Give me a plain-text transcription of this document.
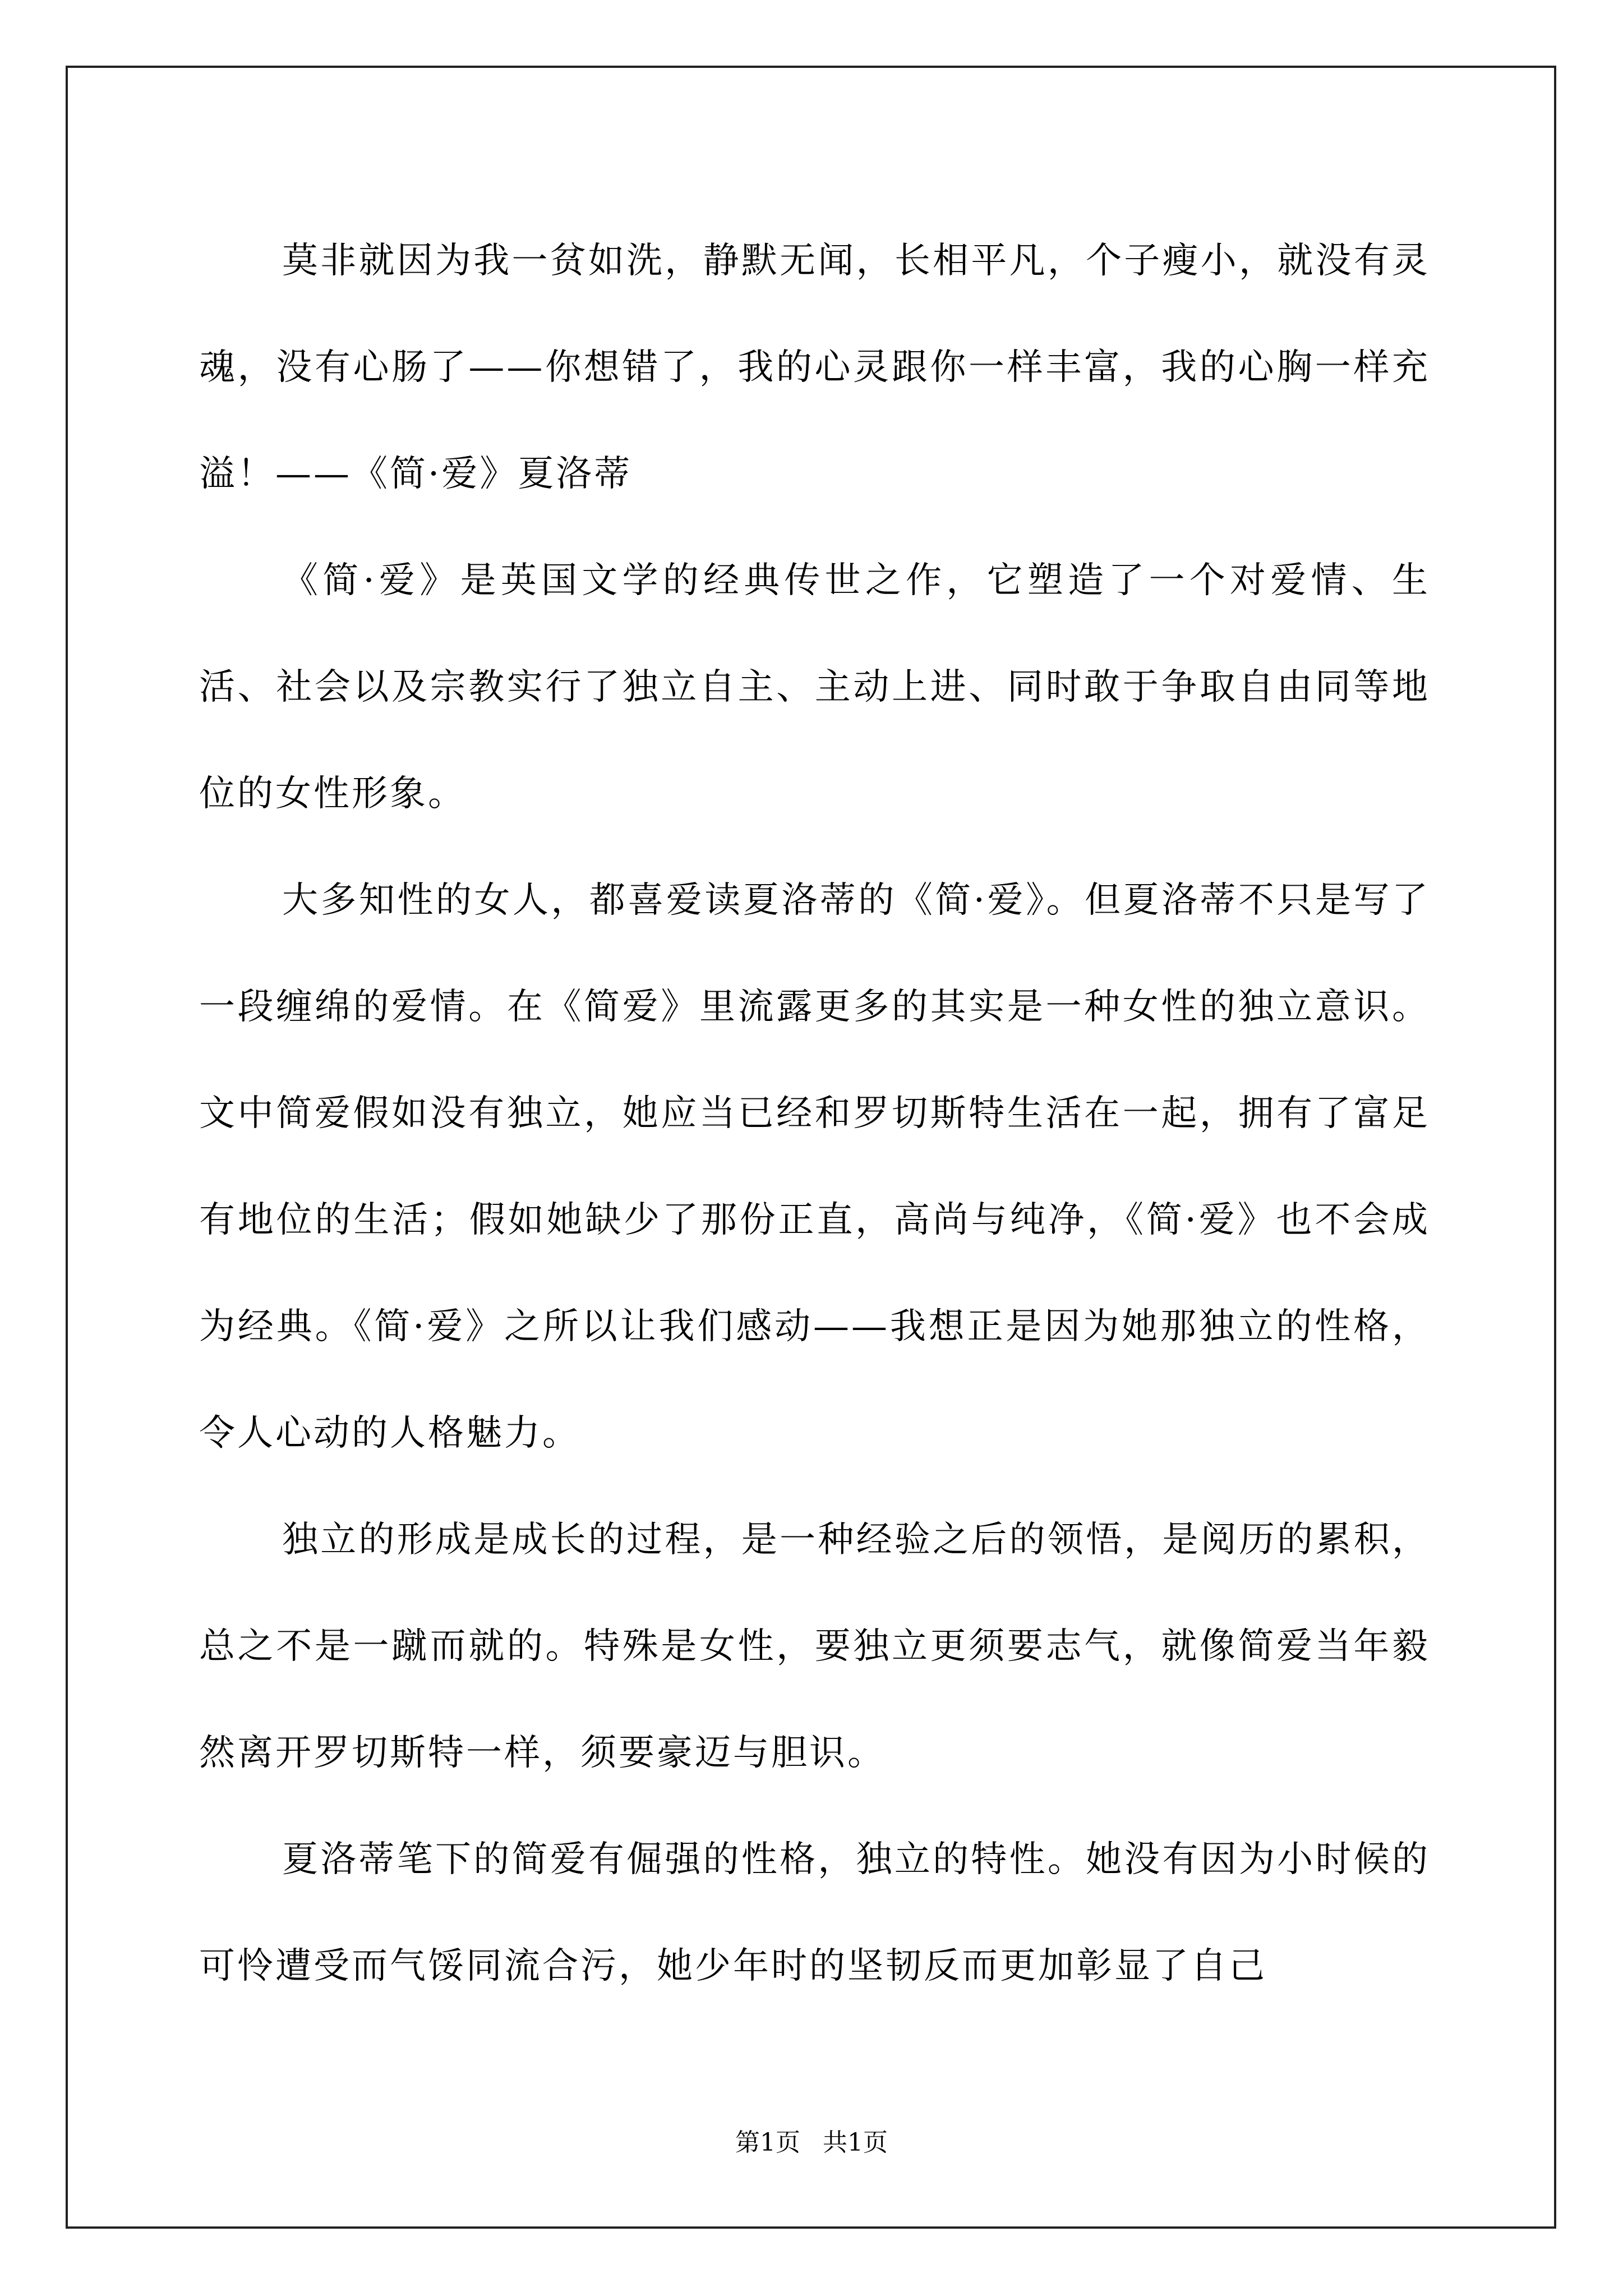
莫非就因为我一贫如洗，静默无闻，长相平凡，个子瘦小，就没有灵魂，没有心肠了——你想错了，我的心灵跟你一样丰富，我的心胸一样充溢！——《简·爱》夏洛蒂

《简·爱》是英国文学的经典传世之作，它塑造了一个对爱情、生活、社会以及宗教实行了独立自主、主动上进、同时敢于争取自由同等地位的女性形象。

大多知性的女人，都喜爱读夏洛蒂的《简·爱》。但夏洛蒂不只是写了一段缠绵的爱情。在《简爱》里流露更多的其实是一种女性的独立意识。文中简爱假如没有独立，她应当已经和罗切斯特生活在一起，拥有了富足有地位的生活；假如她缺少了那份正直，高尚与纯净，《简·爱》也不会成为经典。《简·爱》之所以让我们感动——我想正是因为她那独立的性格，令人心动的人格魅力。

独立的形成是成长的过程，是一种经验之后的领悟，是阅历的累积，总之不是一蹴而就的。特殊是女性，要独立更须要志气，就像简爱当年毅然离开罗切斯特一样，须要豪迈与胆识。

夏洛蒂笔下的简爱有倔强的性格，独立的特性。她没有因为小时候的可怜遭受而气馁同流合污，她少年时的坚韧反而更加彰显了自己

第1页 共1页
